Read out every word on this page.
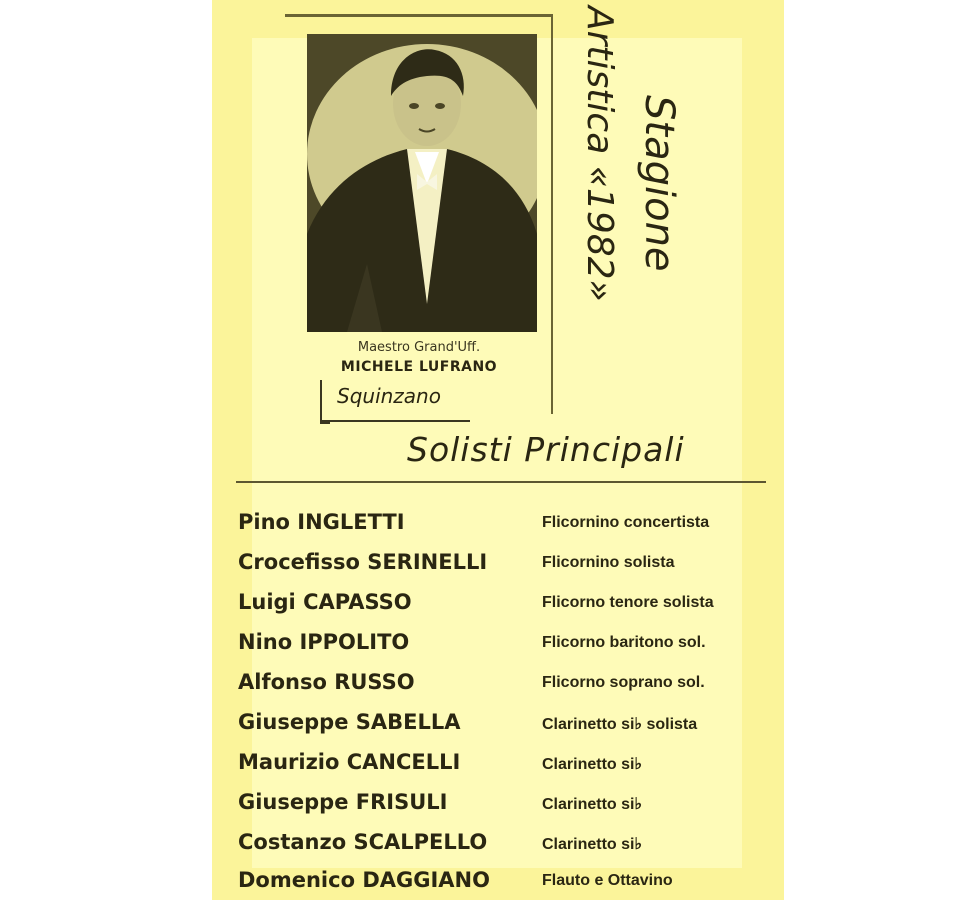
Maestro Grand'Uff.
MICHELE LUFRANO
Squinzano
Artistica «1982» Stagione
Solisti Principali
Pino INGLETTI	Flicornino concertista
Crocefisso SERINELLI	Flicornino solista
Luigi CAPASSO	Flicorno tenore solista
Nino IPPOLITO	Flicorno baritono sol.
Alfonso RUSSO	Flicorno soprano sol.
Giuseppe SABELLA	Clarinetto si♭ solista
Maurizio CANCELLI	Clarinetto si♭
Giuseppe FRISULI	Clarinetto si♭
Costanzo SCALPELLO	Clarinetto si♭
Domenico DAGGIANO	Flauto e Ottavino
